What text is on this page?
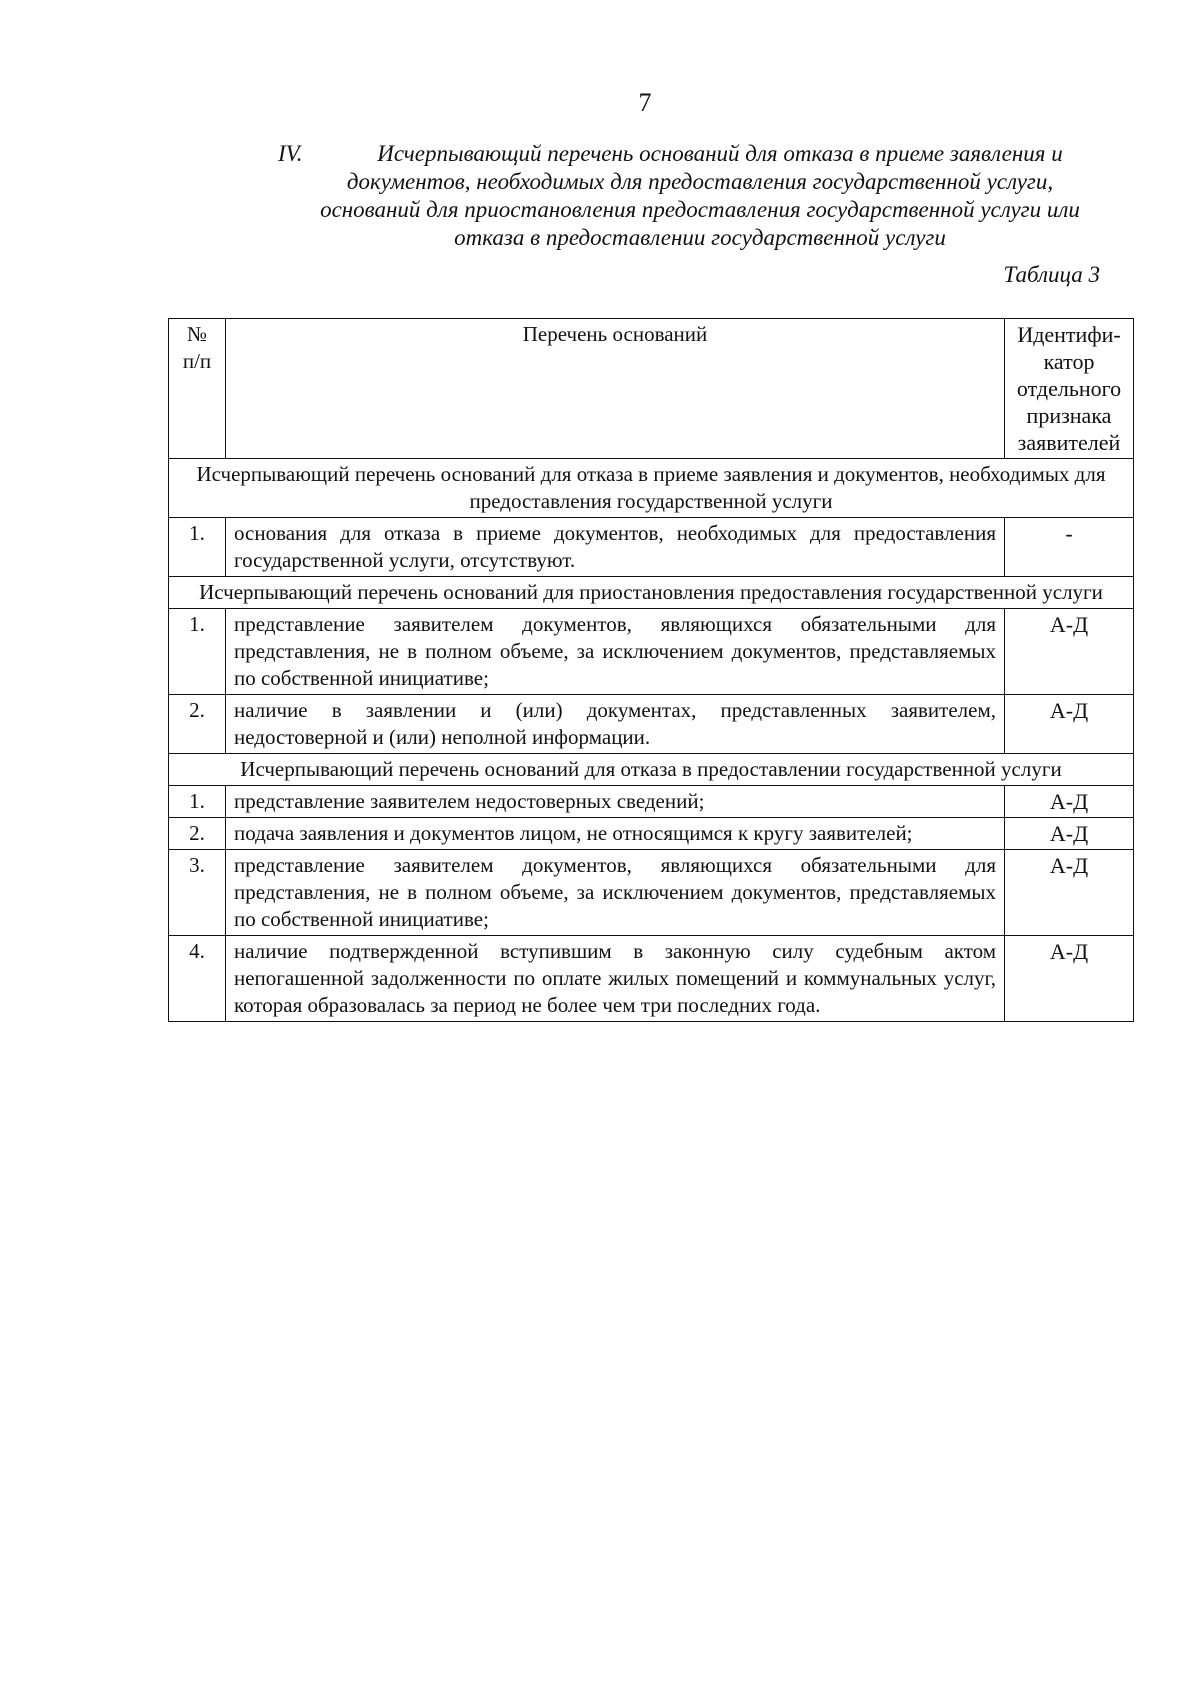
7
IV.	Исчерпывающий перечень оснований для отказа в приеме заявления и
документов, необходимых для предоставления государственной услуги,
оснований для приостановления предоставления государственной услуги или
отказа в предоставлении государственной услуги
Таблица 3
№ п/п	Перечень оснований	Идентифи-катор отдельного признака заявителей
Исчерпывающий перечень оснований для отказа в приеме заявления и документов, необходимых для предоставления государственной услуги		
1.	основания для отказа в приеме документов, необходимых для предоставления государственной услуги, отсутствуют.	-
Исчерпывающий перечень оснований для приостановления предоставления государственной услуги		
1.	представление заявителем документов, являющихся обязательными для представления, не в полном объеме, за исключением документов, представляемых по собственной инициативе;	А-Д
2.	наличие в заявлении и (или) документах, представленных заявителем, недостоверной и (или) неполной информации.	А-Д
Исчерпывающий перечень оснований для отказа в предоставлении государственной услуги		
1.	представление заявителем недостоверных сведений;	А-Д
2.	подача заявления и документов лицом, не относящимся к кругу заявителей;	А-Д
3.	представление заявителем документов, являющихся обязательными для представления, не в полном объеме, за исключением документов, представляемых по собственной инициативе;	А-Д
4.	наличие подтвержденной вступившим в законную силу судебным актом непогашенной задолженности по оплате жилых помещений и коммунальных услуг, которая образовалась за период не более чем три последних года.	А-Д
